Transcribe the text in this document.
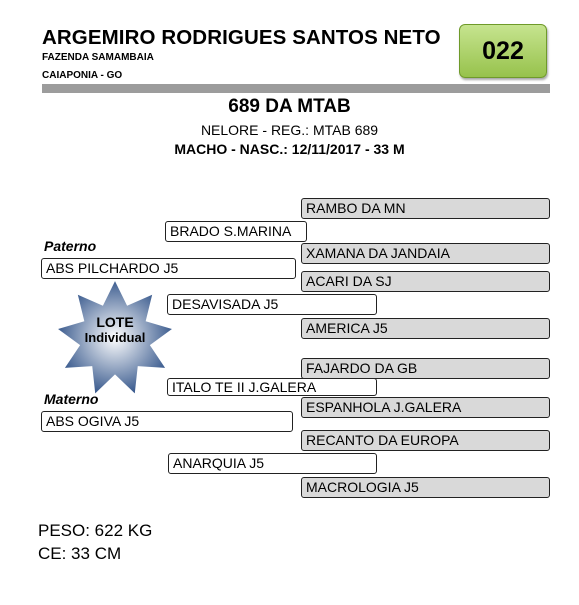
ARGEMIRO RODRIGUES SANTOS NETO
FAZENDA SAMAMBAIA
CAIAPONIA - GO
022
689 DA MTAB
NELORE - REG.: MTAB 689
MACHO - NASC.: 12/11/2017 - 33 M
RAMBO DA MN
BRADO S.MARINA
Paterno	XAMANA DA JANDAIA
ABS PILCHARDO J5
ACARI DA SJ
DESAVISADA J5
AMERICA J5
LOTE
Individual
FAJARDO DA GB
ITALO TE II J.GALERA
Materno	ESPANHOLA J.GALERA
ABS OGIVA J5
RECANTO DA EUROPA
ANARQUIA J5
MACROLOGIA J5
PESO: 622 KG
CE: 33 CM
